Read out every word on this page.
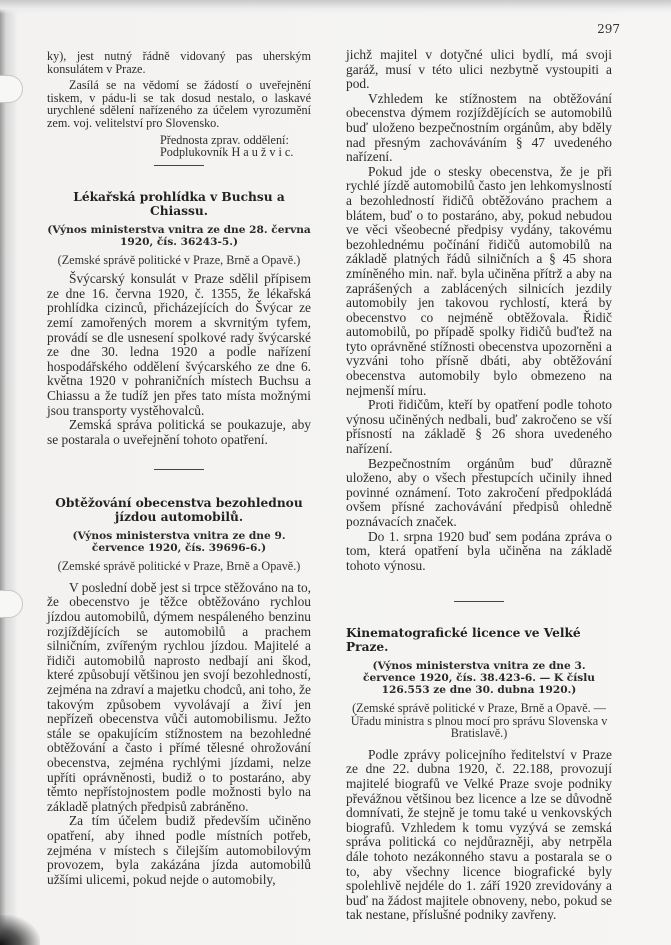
297

ky), jest nutný řádně vidovaný pas uherským konsulátem v Praze.

Zasílá se na vědomí se žádostí o uveřejnění tiskem, v pádu-li se tak dosud nestalo, o laskavé urychlené sdělení nařízeného za účelem vyrozumění zem. voj. velitelství pro Slovensko.

Přednosta zprav. oddělení:

Podplukovník H a u ž v i c.

Lékařská prohlídka v Buchsu a Chiassu.

(Výnos ministerstva vnitra ze dne 28. června 1920, čís. 36243-5.)

(Zemské správě politické v Praze, Brně a Opavě.)

Švýcarský konsulát v Praze sdělil přípisem ze dne 16. června 1920, č. 1355, že lékařská prohlídka cizinců, přicházejících do Švýcar ze zemí zamořených morem a skvrnitým tyfem, provádí se dle usnesení spolkové rady švýcarské ze dne 30. ledna 1920 a podle nařízení hospodářského oddělení švýcarského ze dne 6. května 1920 v pohraničních místech Buchsu a Chiassu a že tudíž jen přes tato místa možnými jsou transporty vystěhovalců.

Zemská správa politická se poukazuje, aby se postarala o uveřejnění tohoto opatření.

Obtěžování obecenstva bezohlednou jízdou automobilů.

(Výnos ministerstva vnitra ze dne 9. července 1920, čís. 39696-6.)

(Zemské správě politické v Praze, Brně a Opavě.)

V poslední době jest si trpce stěžováno na to, že obecenstvo je těžce obtěžováno rychlou jízdou automobilů, dýmem nespáleného benzinu rozjíždějících se automobilů a prachem silničním, zvířeným rychlou jízdou. Majitelé a řidiči automobilů naprosto nedbají ani škod, které způsobují většinou jen svojí bezohledností, zejména na zdraví a majetku chodců, ani toho, že takovým způsobem vyvolávají a živí jen nepřízeň obecenstva vůči automobilismu. Ježto stále se opakujícím stížnostem na bezohledné obtěžování a často i přímé tělesné ohrožování obecenstva, zejména rychlými jízdami, nelze upříti oprávněnosti, budiž o to postaráno, aby těmto nepřístojnostem podle možnosti bylo na základě platných předpisů zabráněno.

Za tím účelem budiž především učiněno opatření, aby ihned podle místních potřeb, zejména v místech s čilejším automobilovým provozem, byla zakázána jízda automobilů užšími ulicemi, pokud nejde o automobily,

jichž majitel v dotyčné ulici bydlí, má svoji garáž, musí v této ulici nezbytně vystoupiti a pod.

Vzhledem ke stížnostem na obtěžování obecenstva dýmem rozjíždějících se automobilů buď uloženo bezpečnostním orgánům, aby bděly nad přesným zachováváním § 47 uvedeného nařízení.

Pokud jde o stesky obecenstva, že je při rychlé jízdě automobilů často jen lehkomyslností a bezohledností řidičů obtěžováno prachem a blátem, buď o to postaráno, aby, pokud nebudou ve věci všeobecné předpisy vydány, takovému bezohlednému počínání řidičů automobilů na základě platných řádů silničních a § 45 shora zmíněného min. nař. byla učiněna přítrž a aby na zaprášených a zablácených silnicích jezdily automobily jen takovou rychlostí, která by obecenstvo co nejméně obtěžovala. Řidič automobilů, po případě spolky řidičů buďtež na tyto oprávněné stížnosti obecenstva upozorněni a vyzváni toho přísně dbáti, aby obtěžování obecenstva automobily bylo obmezeno na nejmenší míru.

Proti řidičům, kteří by opatření podle tohoto výnosu učiněných nedbali, buď zakročeno se vší přísností na základě § 26 shora uvedeného nařízení.

Bezpečnostním orgánům buď důrazně uloženo, aby o všech přestupcích učinily ihned povinné oznámení. Toto zakročení předpokládá ovšem přísné zachovávání předpisů ohledně poznávacích značek.

Do 1. srpna 1920 buď sem podána zpráva o tom, která opatření byla učiněna na základě tohoto výnosu.

Kinematografické licence ve Velké Praze.

(Výnos ministerstva vnitra ze dne 3. července 1920, čís. 38.423-6. — K číslu 126.553 ze dne 30. dubna 1920.)

(Zemské správě politické v Praze, Brně a Opavě. — Úřadu ministra s plnou mocí pro správu Slovenska v Bratislavě.)

Podle zprávy policejního ředitelství v Praze ze dne 22. dubna 1920, č. 22.188, provozují majitelé biografů ve Velké Praze svoje podniky převážnou většinou bez licence a lze se důvodně domnívati, že stejně je tomu také u venkovských biografů. Vzhledem k tomu vyzývá se zemská správa politická co nejdůrazněji, aby netrpěla dále tohoto nezákonného stavu a postarala se o to, aby všechny licence biografické byly spolehlivě nejdéle do 1. září 1920 zrevidovány a buď na žádost majitele obnoveny, nebo, pokud se tak nestane, příslušné podniky zavřeny.
